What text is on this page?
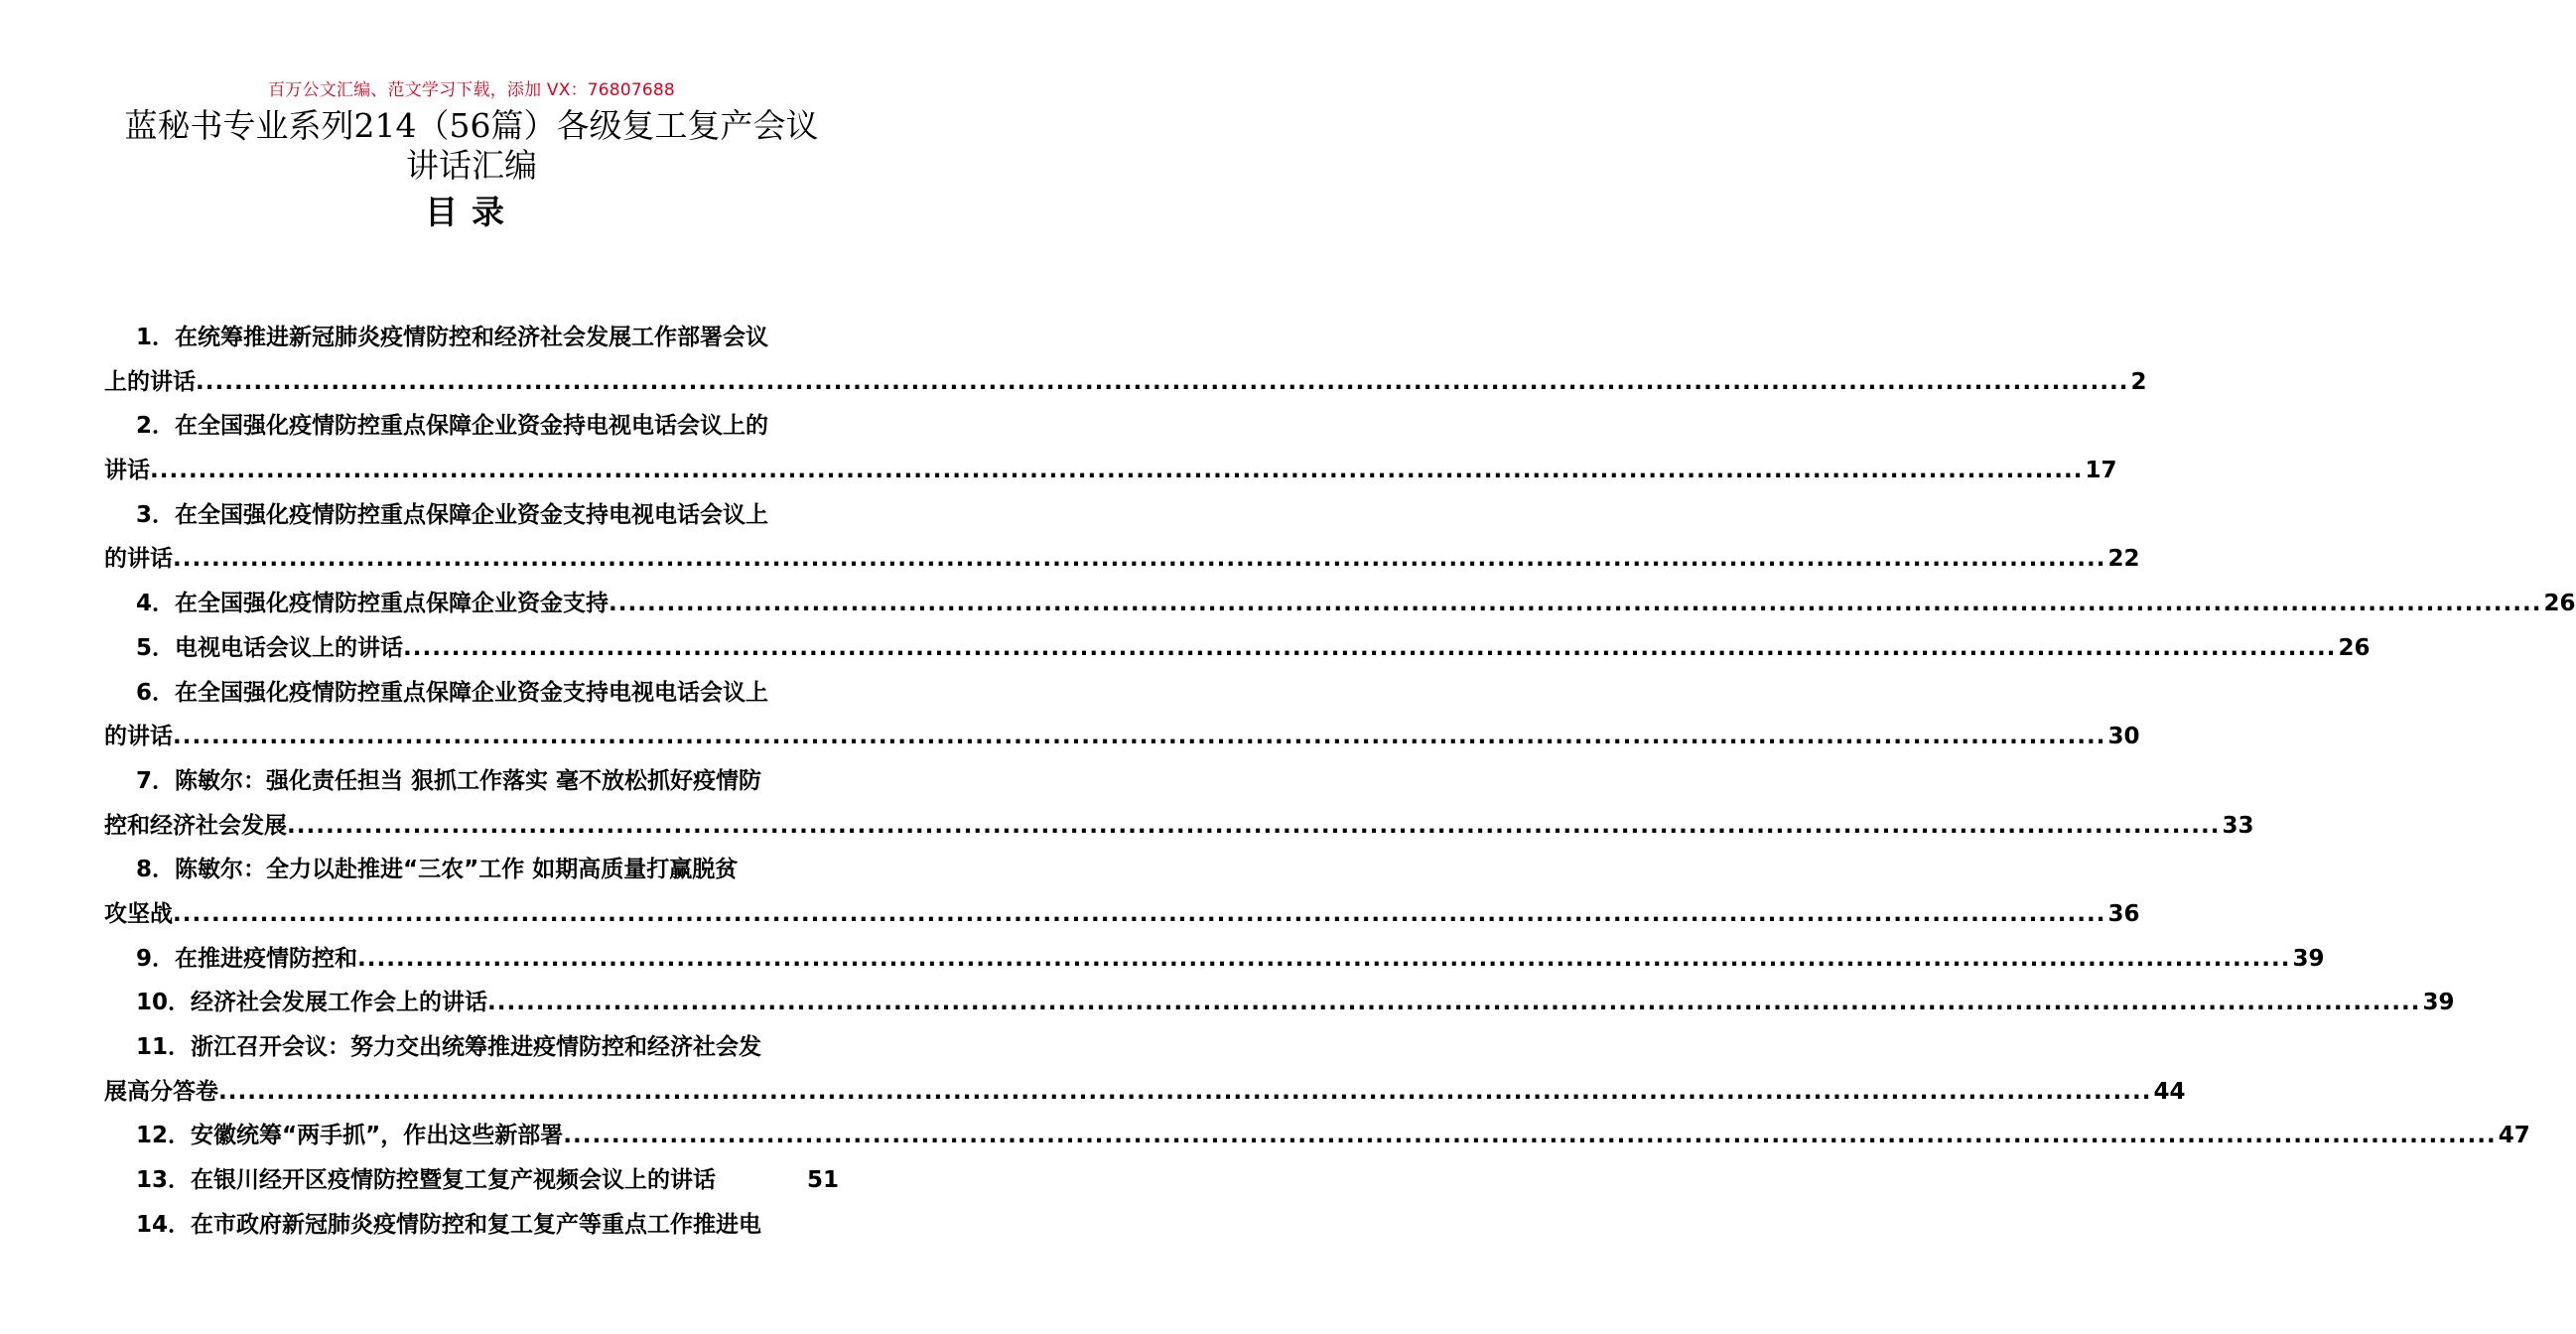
百万公文汇编、范文学习下载，添加 VX：76807688
蓝秘书专业系列214（56篇）各级复工复产会议
讲话汇编
目录
1．在统筹推进新冠肺炎疫情防控和经济社会发展工作部署会议
上的讲话 ........................................................................................................................................................................................................ 2
2．在全国强化疫情防控重点保障企业资金持电视电话会议上的
讲话 ........................................................................................................................................................................................................ 17
3．在全国强化疫情防控重点保障企业资金支持电视电话会议上
的讲话 ........................................................................................................................................................................................................ 22
4．在全国强化疫情防控重点保障企业资金支持 ........................................................................................................................................................................................................ 26
5．电视电话会议上的讲话 ........................................................................................................................................................................................................ 26
6．在全国强化疫情防控重点保障企业资金支持电视电话会议上
的讲话 ........................................................................................................................................................................................................ 30
7．陈敏尔：强化责任担当 狠抓工作落实 毫不放松抓好疫情防
控和经济社会发展 ........................................................................................................................................................................................................ 33
8．陈敏尔：全力以赴推进“三农”工作 如期高质量打赢脱贫
攻坚战 ........................................................................................................................................................................................................ 36
9．在推进疫情防控和 ........................................................................................................................................................................................................ 39
10．经济社会发展工作会上的讲话 ........................................................................................................................................................................................................ 39
11．浙江召开会议：努力交出统筹推进疫情防控和经济社会发
展高分答卷 ........................................................................................................................................................................................................ 44
12．安徽统筹“两手抓”，作出这些新部署 ........................................................................................................................................................................................................ 47
13．在银川经开区疫情防控暨复工复产视频会议上的讲话	51
14．在市政府新冠肺炎疫情防控和复工复产等重点工作推进电
